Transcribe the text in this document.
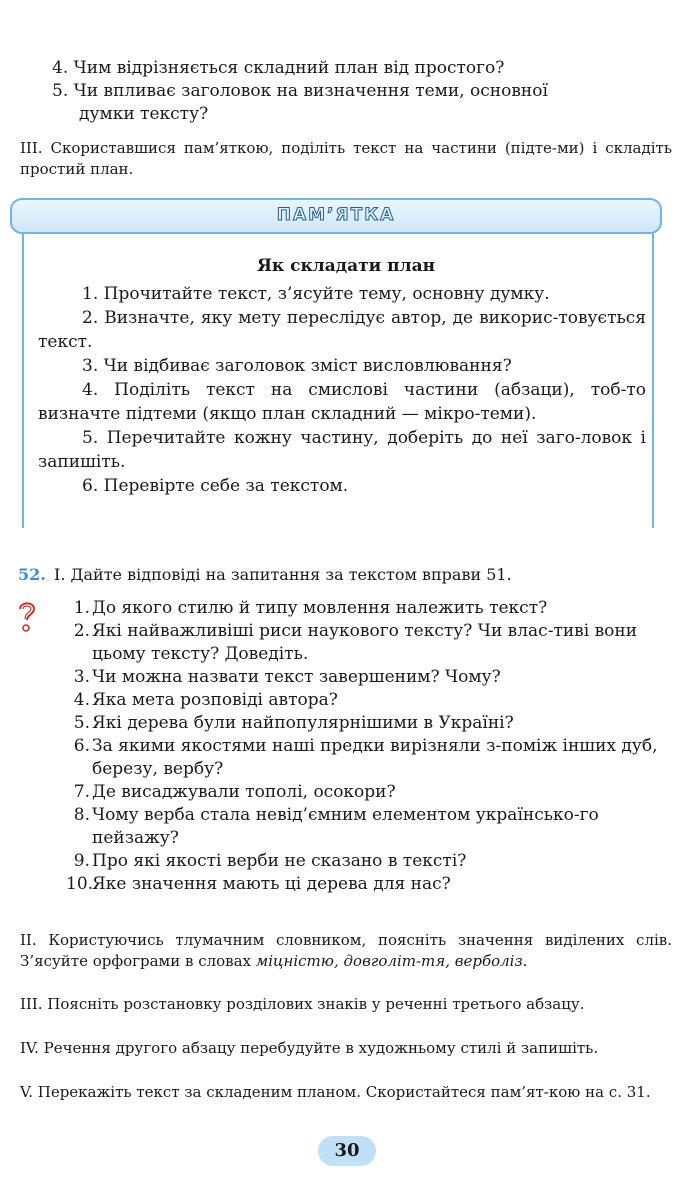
4. Чим відрізняється складний план від простого?
5. Чи впливає заголовок на визначення теми, основної
думки тексту?
ІІІ. Скориставшися пам’яткою, поділіть текст на частини (підте-ми) і складіть простий план.
ПАМ’ЯТКА
Як складати план

1. Прочитайте текст, з’ясуйте тему, основну думку.

2. Визначте, яку мету переслідує автор, де викорис-товується текст.

3. Чи відбиває заголовок зміст висловлювання?

4. Поділіть текст на смислові частини (абзаци), тоб-то визначте підтеми (якщо план складний — мікро-теми).

5. Перечитайте кожну частину, доберіть до неї заго-ловок і запишіть.

6. Перевірте себе за текстом.

52. І. Дайте відповіді на запитання за текстом вправи 51.
1. До якого стилю й типу мовлення належить текст?
2. Які найважливіші риси наукового тексту? Чи влас-тиві вони цьому тексту? Доведіть.
3. Чи можна назвати текст завершеним? Чому?
4. Яка мета розповіді автора?
5. Які дерева були найпопулярнішими в Україні?
6. За якими якостями наші предки вирізняли з-поміж інших дуб, березу, вербу?
7. Де висаджували тополі, осокори?
8. Чому верба стала невід’ємним елементом українсько-го пейзажу?
9. Про які якості верби не сказано в тексті?
10.
Яке значення мають ці дерева для нас?
ІІ. Користуючись тлумачним словником, поясніть значення виділених слів. З’ясуйте орфограми в словах міцністю, довголіт-тя, верболіз.
ІІІ. Поясніть розстановку розділових знаків у реченні третього абзацу.
ІV. Речення другого абзацу перебудуйте в художньому стилі й запишіть.
V. Перекажіть текст за складеним планом. Скористайтеся пам’ят-кою на с. 31.
30
